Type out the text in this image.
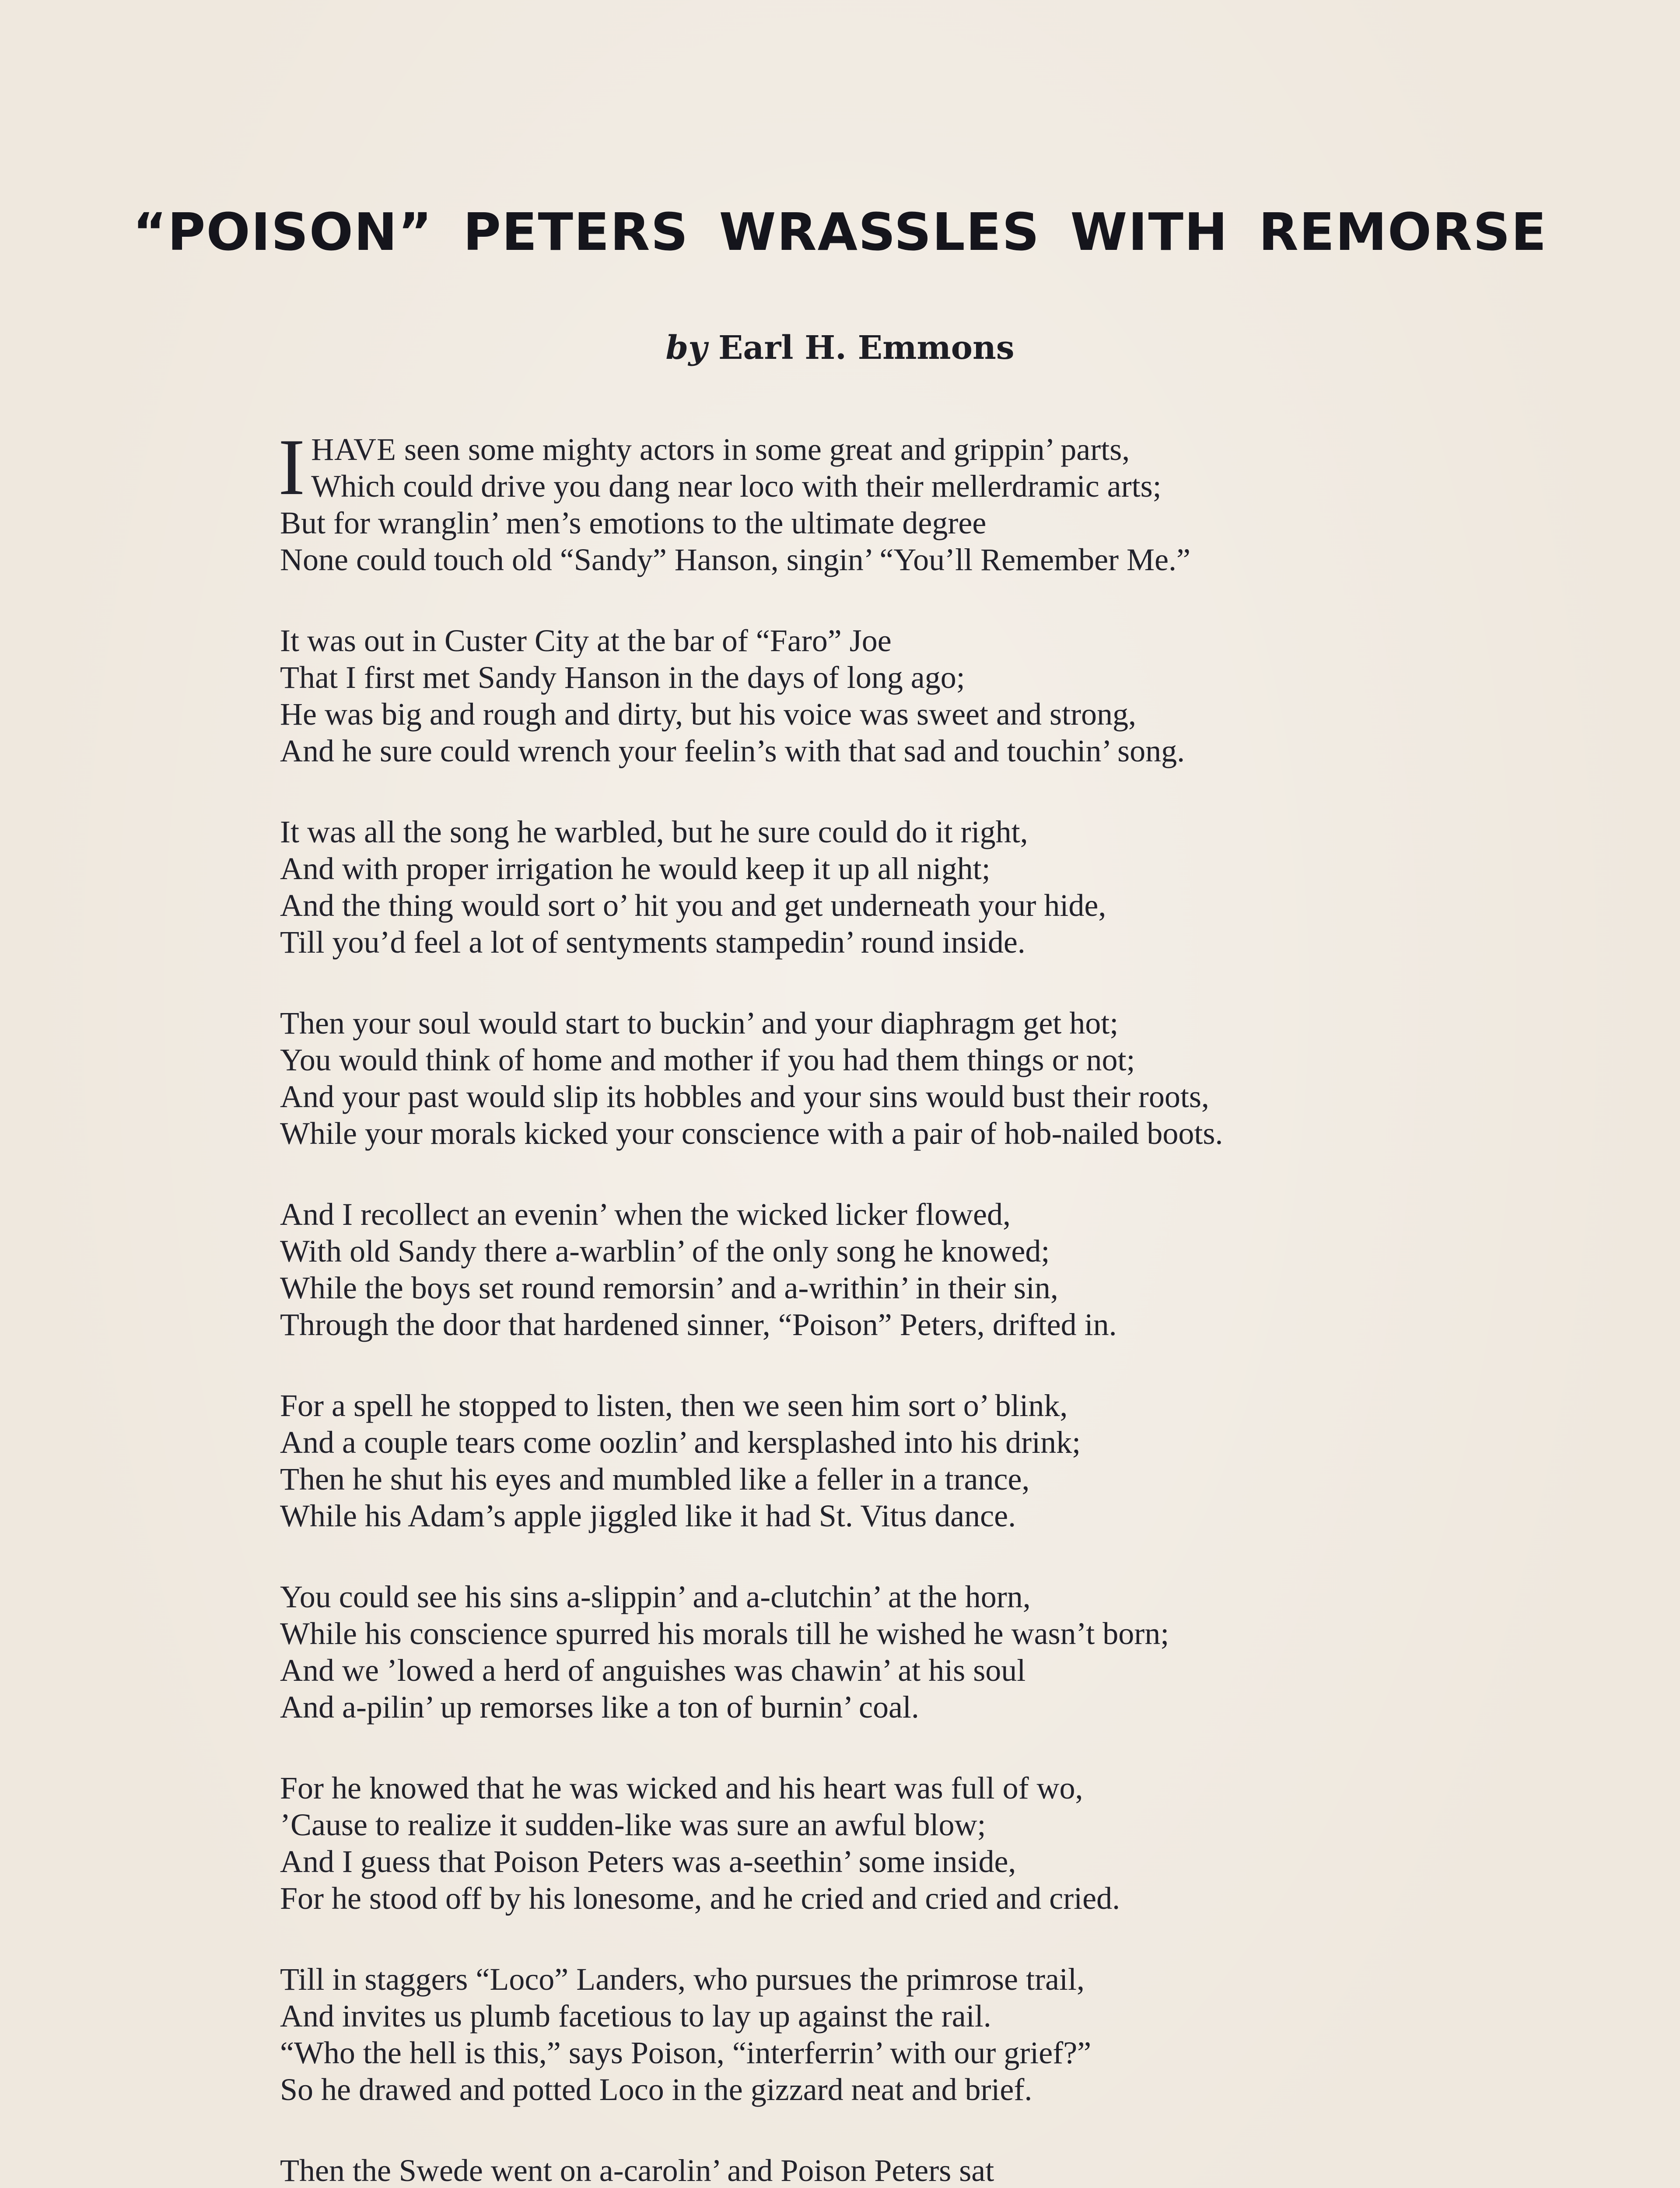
“POISON” PETERS WRASSLES WITH REMORSE
by Earl H. Emmons
I HAVE seen some mighty actors in some great and grippin’ parts,
Which could drive you dang near loco with their mellerdramic arts;
But for wranglin’ men’s emotions to the ultimate degree
None could touch old “Sandy” Hanson, singin’ “You’ll Remember Me.”
It was out in Custer City at the bar of “Faro” Joe
That I first met Sandy Hanson in the days of long ago;
He was big and rough and dirty, but his voice was sweet and strong,
And he sure could wrench your feelin’s with that sad and touchin’ song.
It was all the song he warbled, but he sure could do it right,
And with proper irrigation he would keep it up all night;
And the thing would sort o’ hit you and get underneath your hide,
Till you’d feel a lot of sentyments stampedin’ round inside.
Then your soul would start to buckin’ and your diaphragm get hot;
You would think of home and mother if you had them things or not;
And your past would slip its hobbles and your sins would bust their roots,
While your morals kicked your conscience with a pair of hob-nailed boots.
And I recollect an evenin’ when the wicked licker flowed,
With old Sandy there a-warblin’ of the only song he knowed;
While the boys set round remorsin’ and a-writhin’ in their sin,
Through the door that hardened sinner, “Poison” Peters, drifted in.
For a spell he stopped to listen, then we seen him sort o’ blink,
And a couple tears come oozlin’ and kersplashed into his drink;
Then he shut his eyes and mumbled like a feller in a trance,
While his Adam’s apple jiggled like it had St. Vitus dance.
You could see his sins a-slippin’ and a-clutchin’ at the horn,
While his conscience spurred his morals till he wished he wasn’t born;
And we ’lowed a herd of anguishes was chawin’ at his soul
And a-pilin’ up remorses like a ton of burnin’ coal.
For he knowed that he was wicked and his heart was full of wo,
’Cause to realize it sudden-like was sure an awful blow;
And I guess that Poison Peters was a-seethin’ some inside,
For he stood off by his lonesome, and he cried and cried and cried.
Till in staggers “Loco” Landers, who pursues the primrose trail,
And invites us plumb facetious to lay up against the rail.
“Who the hell is this,” says Poison, “interferrin’ with our grief?”
So he drawed and potted Loco in the gizzard neat and brief.
Then the Swede went on a-carolin’ and Poison Peters sat
